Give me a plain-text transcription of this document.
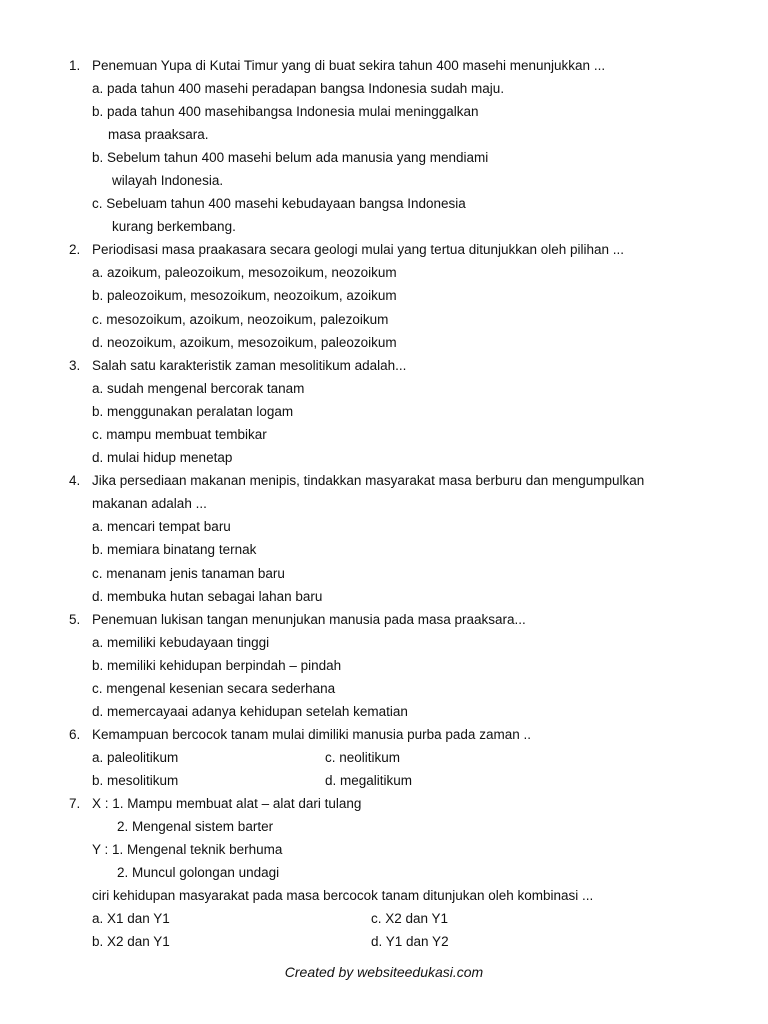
1. Penemuan Yupa di Kutai Timur yang di buat sekira tahun 400 masehi menunjukkan ...
a. pada tahun 400 masehi peradapan bangsa Indonesia sudah maju.
b. pada tahun 400 masehibangsa Indonesia mulai meninggalkan
masa praaksara.
b. Sebelum tahun 400 masehi belum ada manusia yang mendiami
wilayah Indonesia.
c. Sebeluam tahun 400 masehi kebudayaan bangsa Indonesia
kurang berkembang.
2. Periodisasi masa praakasara secara geologi mulai yang tertua ditunjukkan oleh pilihan ...
a. azoikum, paleozoikum, mesozoikum, neozoikum
b. paleozoikum, mesozoikum, neozoikum, azoikum
c. mesozoikum, azoikum, neozoikum, palezoikum
d. neozoikum, azoikum, mesozoikum, paleozoikum
3. Salah satu karakteristik zaman mesolitikum adalah...
a. sudah mengenal bercorak tanam
b. menggunakan peralatan logam
c. mampu membuat tembikar
d. mulai hidup menetap
4. Jika persediaan makanan menipis, tindakkan masyarakat masa berburu dan mengumpulkan
makanan adalah ...
a. mencari tempat baru
b. memiara binatang ternak
c. menanam jenis tanaman baru
d. membuka hutan sebagai lahan baru
5. Penemuan lukisan tangan menunjukan manusia pada masa praaksara...
a. memiliki kebudayaan tinggi
b. memiliki kehidupan berpindah – pindah
c. mengenal kesenian secara sederhana
d. memercayaai adanya kehidupan setelah kematian
6. Kemampuan bercocok tanam mulai dimiliki manusia purba pada zaman ..
a. paleolitikum	c. neolitikum
b. mesolitikum	d. megalitikum
7. X : 1. Mampu membuat alat – alat dari tulang
2. Mengenal sistem barter
Y : 1. Mengenal teknik berhuma
2. Muncul golongan undagi
ciri kehidupan masyarakat pada masa bercocok tanam ditunjukan oleh kombinasi ...
a. X1 dan Y1	c. X2 dan Y1
b. X2 dan Y1	d. Y1 dan Y2
Created by websiteedukasi.com
